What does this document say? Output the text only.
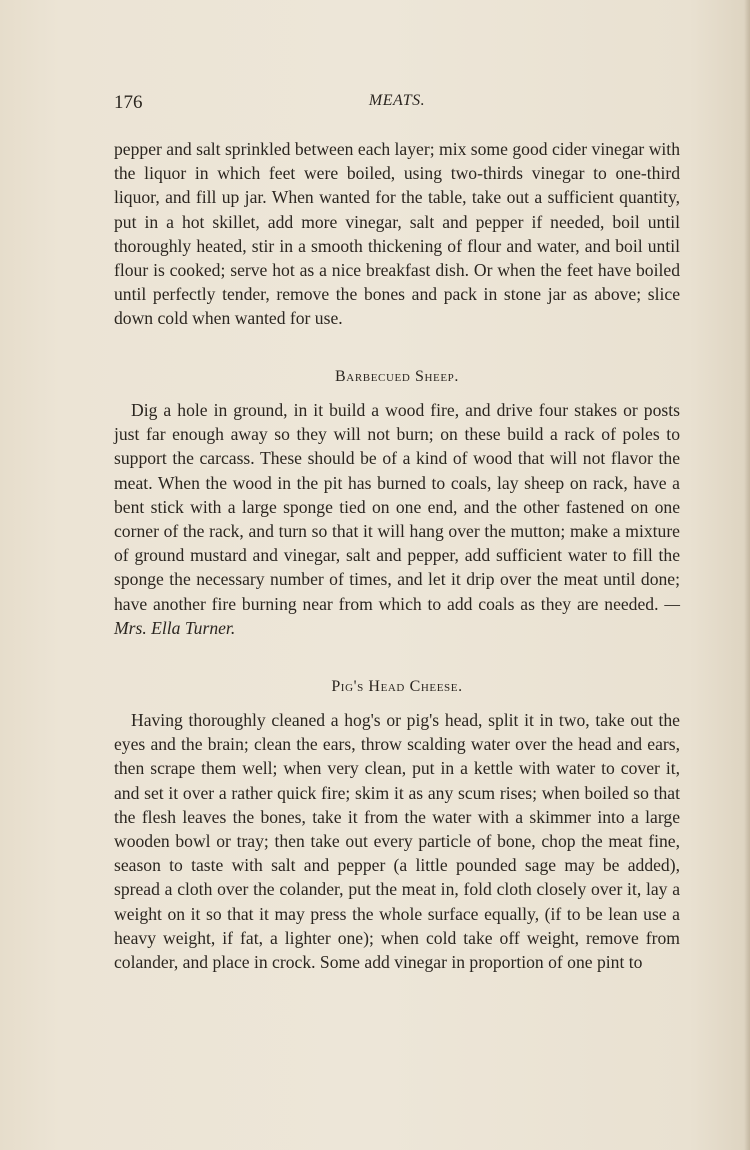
176	MEATS.

pepper and salt sprinkled between each layer; mix some good cider vinegar with the liquor in which feet were boiled, using two-thirds vinegar to one-third liquor, and fill up jar. When wanted for the table, take out a sufficient quantity, put in a hot skillet, add more vinegar, salt and pepper if needed, boil until thoroughly heated, stir in a smooth thickening of flour and water, and boil until flour is cooked; serve hot as a nice breakfast dish. Or when the feet have boiled until perfectly tender, remove the bones and pack in stone jar as above; slice down cold when wanted for use.

Barbecued Sheep.

Dig a hole in ground, in it build a wood fire, and drive four stakes or posts just far enough away so they will not burn; on these build a rack of poles to support the carcass. These should be of a kind of wood that will not flavor the meat. When the wood in the pit has burned to coals, lay sheep on rack, have a bent stick with a large sponge tied on one end, and the other fastened on one corner of the rack, and turn so that it will hang over the mutton; make a mixture of ground mustard and vinegar, salt and pepper, add sufficient water to fill the sponge the necessary number of times, and let it drip over the meat until done; have another fire burning near from which to add coals as they are needed. —Mrs. Ella Turner.

Pig's Head Cheese.

Having thoroughly cleaned a hog's or pig's head, split it in two, take out the eyes and the brain; clean the ears, throw scalding water over the head and ears, then scrape them well; when very clean, put in a kettle with water to cover it, and set it over a rather quick fire; skim it as any scum rises; when boiled so that the flesh leaves the bones, take it from the water with a skimmer into a large wooden bowl or tray; then take out every particle of bone, chop the meat fine, season to taste with salt and pepper (a little pounded sage may be added), spread a cloth over the colander, put the meat in, fold cloth closely over it, lay a weight on it so that it may press the whole surface equally, (if to be lean use a heavy weight, if fat, a lighter one); when cold take off weight, remove from colander, and place in crock. Some add vinegar in proportion of one pint to
